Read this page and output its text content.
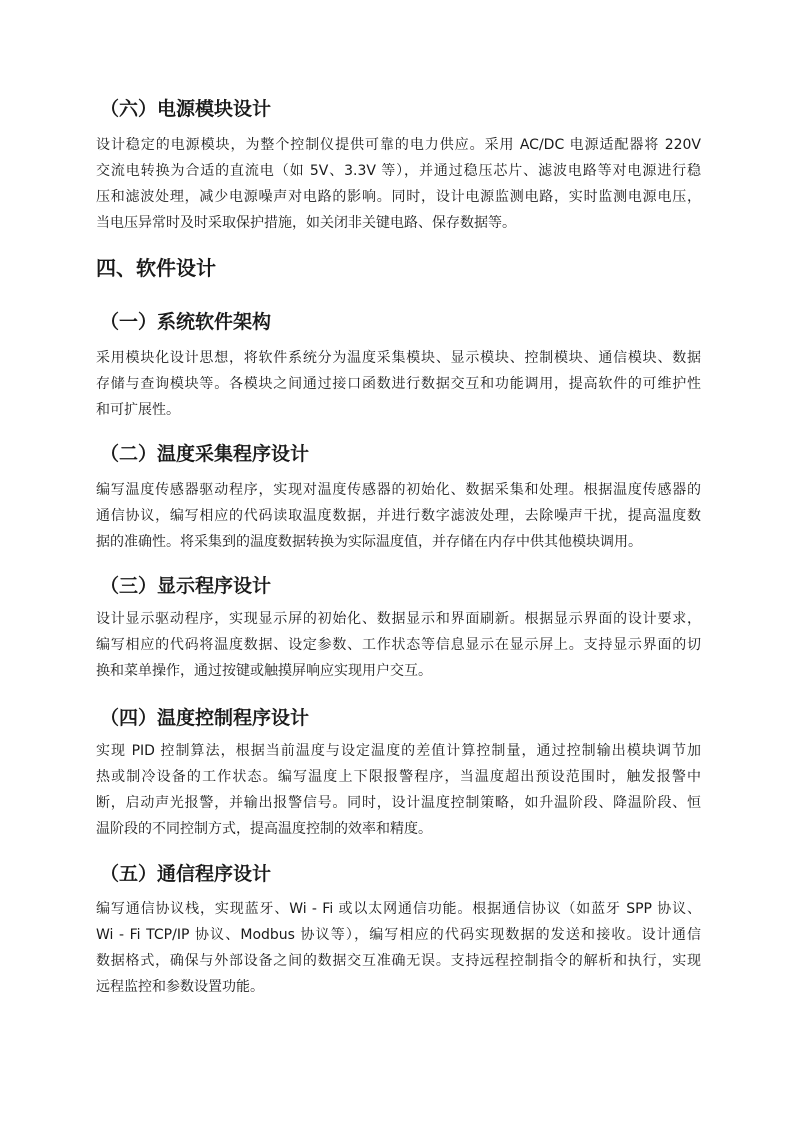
（六）电源模块设计
设计稳定的电源模块，为整个控制仪提供可靠的电力供应。采用 AC/DC 电源适配器将 220V
交流电转换为合适的直流电（如 5V、3.3V 等），并通过稳压芯片、滤波电路等对电源进行稳
压和滤波处理，减少电源噪声对电路的影响。同时，设计电源监测电路，实时监测电源电压，
当电压异常时及时采取保护措施，如关闭非关键电路、保存数据等。
四、软件设计
（一）系统软件架构
采用模块化设计思想，将软件系统分为温度采集模块、显示模块、控制模块、通信模块、数据
存储与查询模块等。各模块之间通过接口函数进行数据交互和功能调用，提高软件的可维护性
和可扩展性。
（二）温度采集程序设计
编写温度传感器驱动程序，实现对温度传感器的初始化、数据采集和处理。根据温度传感器的
通信协议，编写相应的代码读取温度数据，并进行数字滤波处理，去除噪声干扰，提高温度数
据的准确性。将采集到的温度数据转换为实际温度值，并存储在内存中供其他模块调用。
（三）显示程序设计
设计显示驱动程序，实现显示屏的初始化、数据显示和界面刷新。根据显示界面的设计要求，
编写相应的代码将温度数据、设定参数、工作状态等信息显示在显示屏上。支持显示界面的切
换和菜单操作，通过按键或触摸屏响应实现用户交互。
（四）温度控制程序设计
实现 PID 控制算法，根据当前温度与设定温度的差值计算控制量，通过控制输出模块调节加
热或制冷设备的工作状态。编写温度上下限报警程序，当温度超出预设范围时，触发报警中
断，启动声光报警，并输出报警信号。同时，设计温度控制策略，如升温阶段、降温阶段、恒
温阶段的不同控制方式，提高温度控制的效率和精度。
（五）通信程序设计
编写通信协议栈，实现蓝牙、Wi - Fi 或以太网通信功能。根据通信协议（如蓝牙 SPP 协议、
Wi - Fi TCP/IP 协议、Modbus 协议等），编写相应的代码实现数据的发送和接收。设计通信
数据格式，确保与外部设备之间的数据交互准确无误。支持远程控制指令的解析和执行，实现
远程监控和参数设置功能。
